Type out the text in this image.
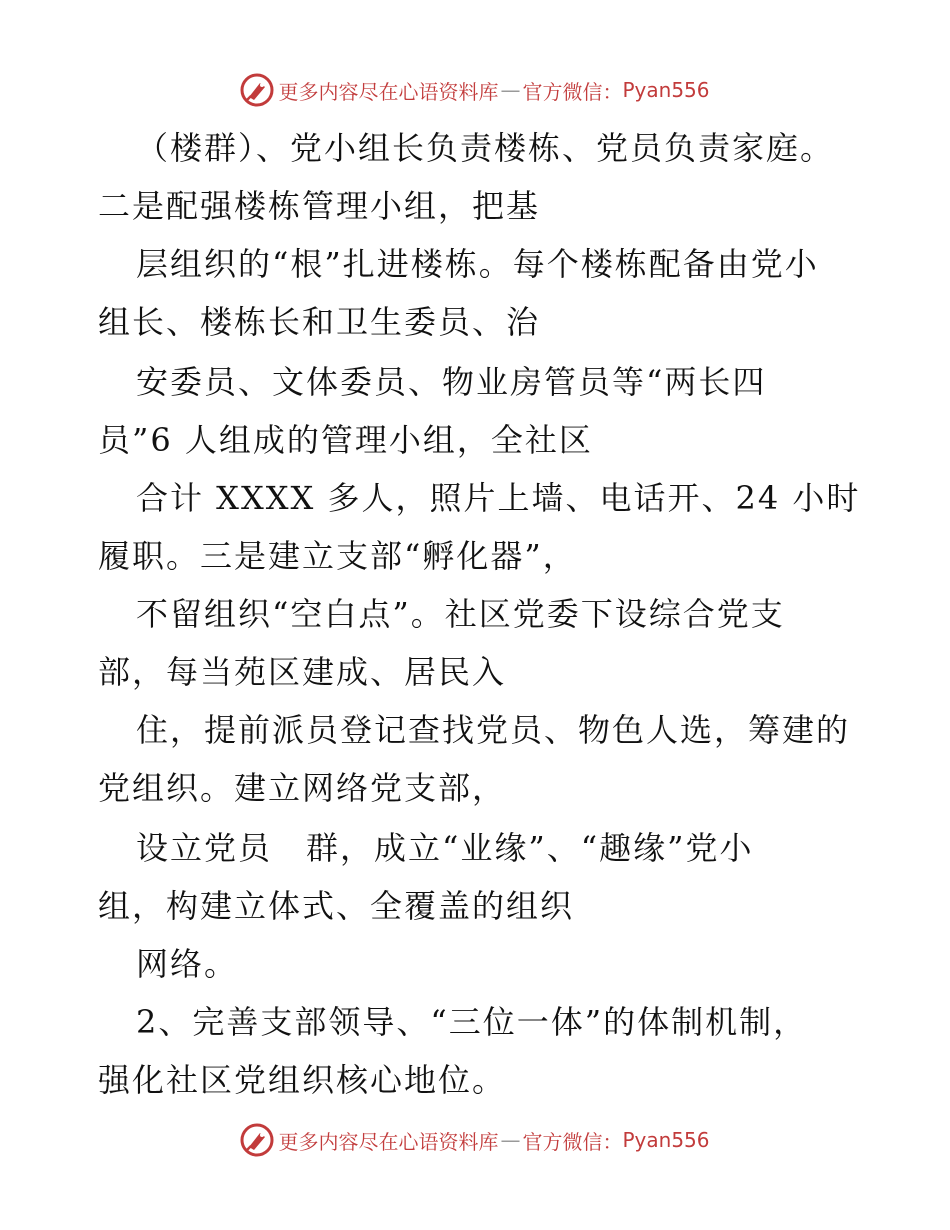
更多内容尽在心语资料库 — 官方微信： Pyan556
（楼群）、党小组长负责楼栋、党员负责家庭。
二是配强楼栋管理小组，把基
层组织的“根”扎进楼栋。每个楼栋配备由党小
组长、楼栋长和卫生委员、治
安委员、文体委员、物业房管员等“两长四
员”6 人组成的管理小组，全社区
合计 XXXX 多人，照片上墙、电话开、24 小时
履职。三是建立支部“孵化器”，
不留组织“空白点”。社区党委下设综合党支
部，每当苑区建成、居民入
住，提前派员登记查找党员、物色人选，筹建的
党组织。建立网络党支部，
设立党员　群，成立“业缘”、“趣缘”党小
组，构建立体式、全覆盖的组织
网络。
2、完善支部领导、“三位一体”的体制机制，
强化社区党组织核心地位。
更多内容尽在心语资料库 — 官方微信： Pyan556
